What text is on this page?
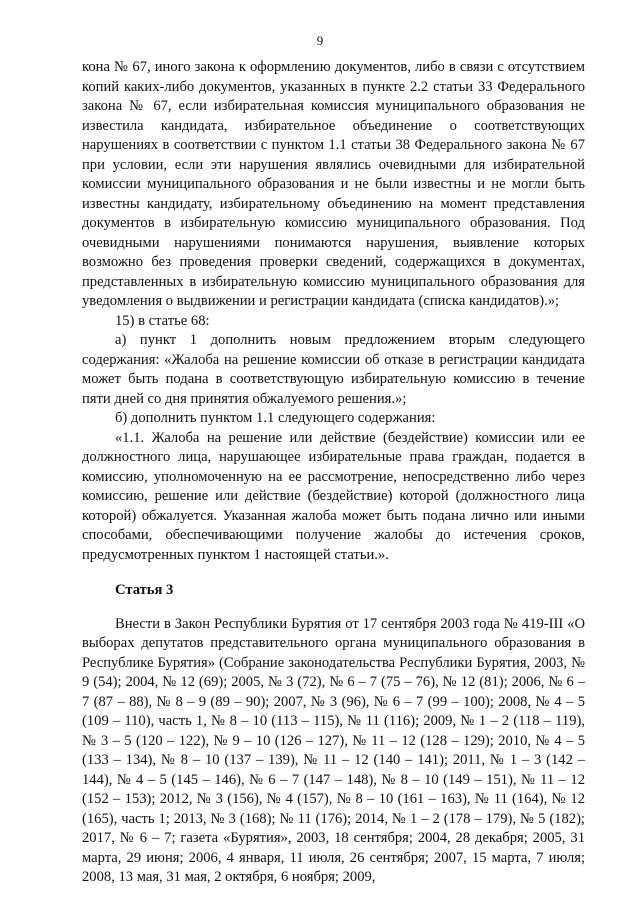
9

кона № 67, иного закона к оформлению документов, либо в связи с отсутствием копий каких-либо документов, указанных в пункте 2.2 статьи 33 Федерального закона № 67, если избирательная комиссия муниципального образования не известила кандидата, избирательное объединение о соответствующих нарушениях в соответствии с пунктом 1.1 статьи 38 Федерального закона № 67 при условии, если эти нарушения являлись очевидными для избирательной комиссии муниципального образования и не были известны и не могли быть известны кандидату, избирательному объединению на момент представления документов в избирательную комиссию муниципального образования. Под очевидными нарушениями понимаются нарушения, выявление которых возможно без проведения проверки сведений, содержащихся в документах, представленных в избирательную комиссию муниципального образования для уведомления о выдвижении и регистрации кандидата (списка кандидатов).»;

15) в статье 68:

а) пункт 1 дополнить новым предложением вторым следующего содержания: «Жалоба на решение комиссии об отказе в регистрации кандидата может быть подана в соответствующую избирательную комиссию в течение пяти дней со дня принятия обжалуемого решения.»;

б) дополнить пунктом 1.1 следующего содержания:

«1.1. Жалоба на решение или действие (бездействие) комиссии или ее должностного лица, нарушающее избирательные права граждан, подается в комиссию, уполномоченную на ее рассмотрение, непосредственно либо через комиссию, решение или действие (бездействие) которой (должностного лица которой) обжалуется. Указанная жалоба может быть подана лично или иными способами, обеспечивающими получение жалобы до истечения сроков, предусмотренных пунктом 1 настоящей статьи.».

Статья 3

Внести в Закон Республики Бурятия от 17 сентября 2003 года № 419-III «О выборах депутатов представительного органа муниципального образования в Республике Бурятия» (Собрание законодательства Республики Бурятия, 2003, № 9 (54); 2004, № 12 (69); 2005, № 3 (72), № 6 – 7 (75 – 76), № 12 (81); 2006, № 6 – 7 (87 – 88), № 8 – 9 (89 – 90); 2007, № 3 (96), № 6 – 7 (99 – 100); 2008, № 4 – 5 (109 – 110), часть 1, № 8 – 10 (113 – 115), № 11 (116); 2009, № 1 – 2 (118 – 119), № 3 – 5 (120 – 122), № 9 – 10 (126 – 127), № 11 – 12 (128 – 129); 2010, № 4 – 5 (133 – 134), № 8 – 10 (137 – 139), № 11 – 12 (140 – 141); 2011, № 1 – 3 (142 – 144), № 4 – 5 (145 – 146), № 6 – 7 (147 – 148), № 8 – 10 (149 – 151), № 11 – 12 (152 – 153); 2012, № 3 (156), № 4 (157), № 8 – 10 (161 – 163), № 11 (164), № 12 (165), часть 1; 2013, № 3 (168); № 11 (176); 2014, № 1 – 2 (178 – 179), № 5 (182); 2017, № 6 – 7; газета «Бурятия», 2003, 18 сентября; 2004, 28 декабря; 2005, 31 марта, 29 июня; 2006, 4 января, 11 июля, 26 сентября; 2007, 15 марта, 7 июля; 2008, 13 мая, 31 мая, 2 октября, 6 ноября; 2009,
